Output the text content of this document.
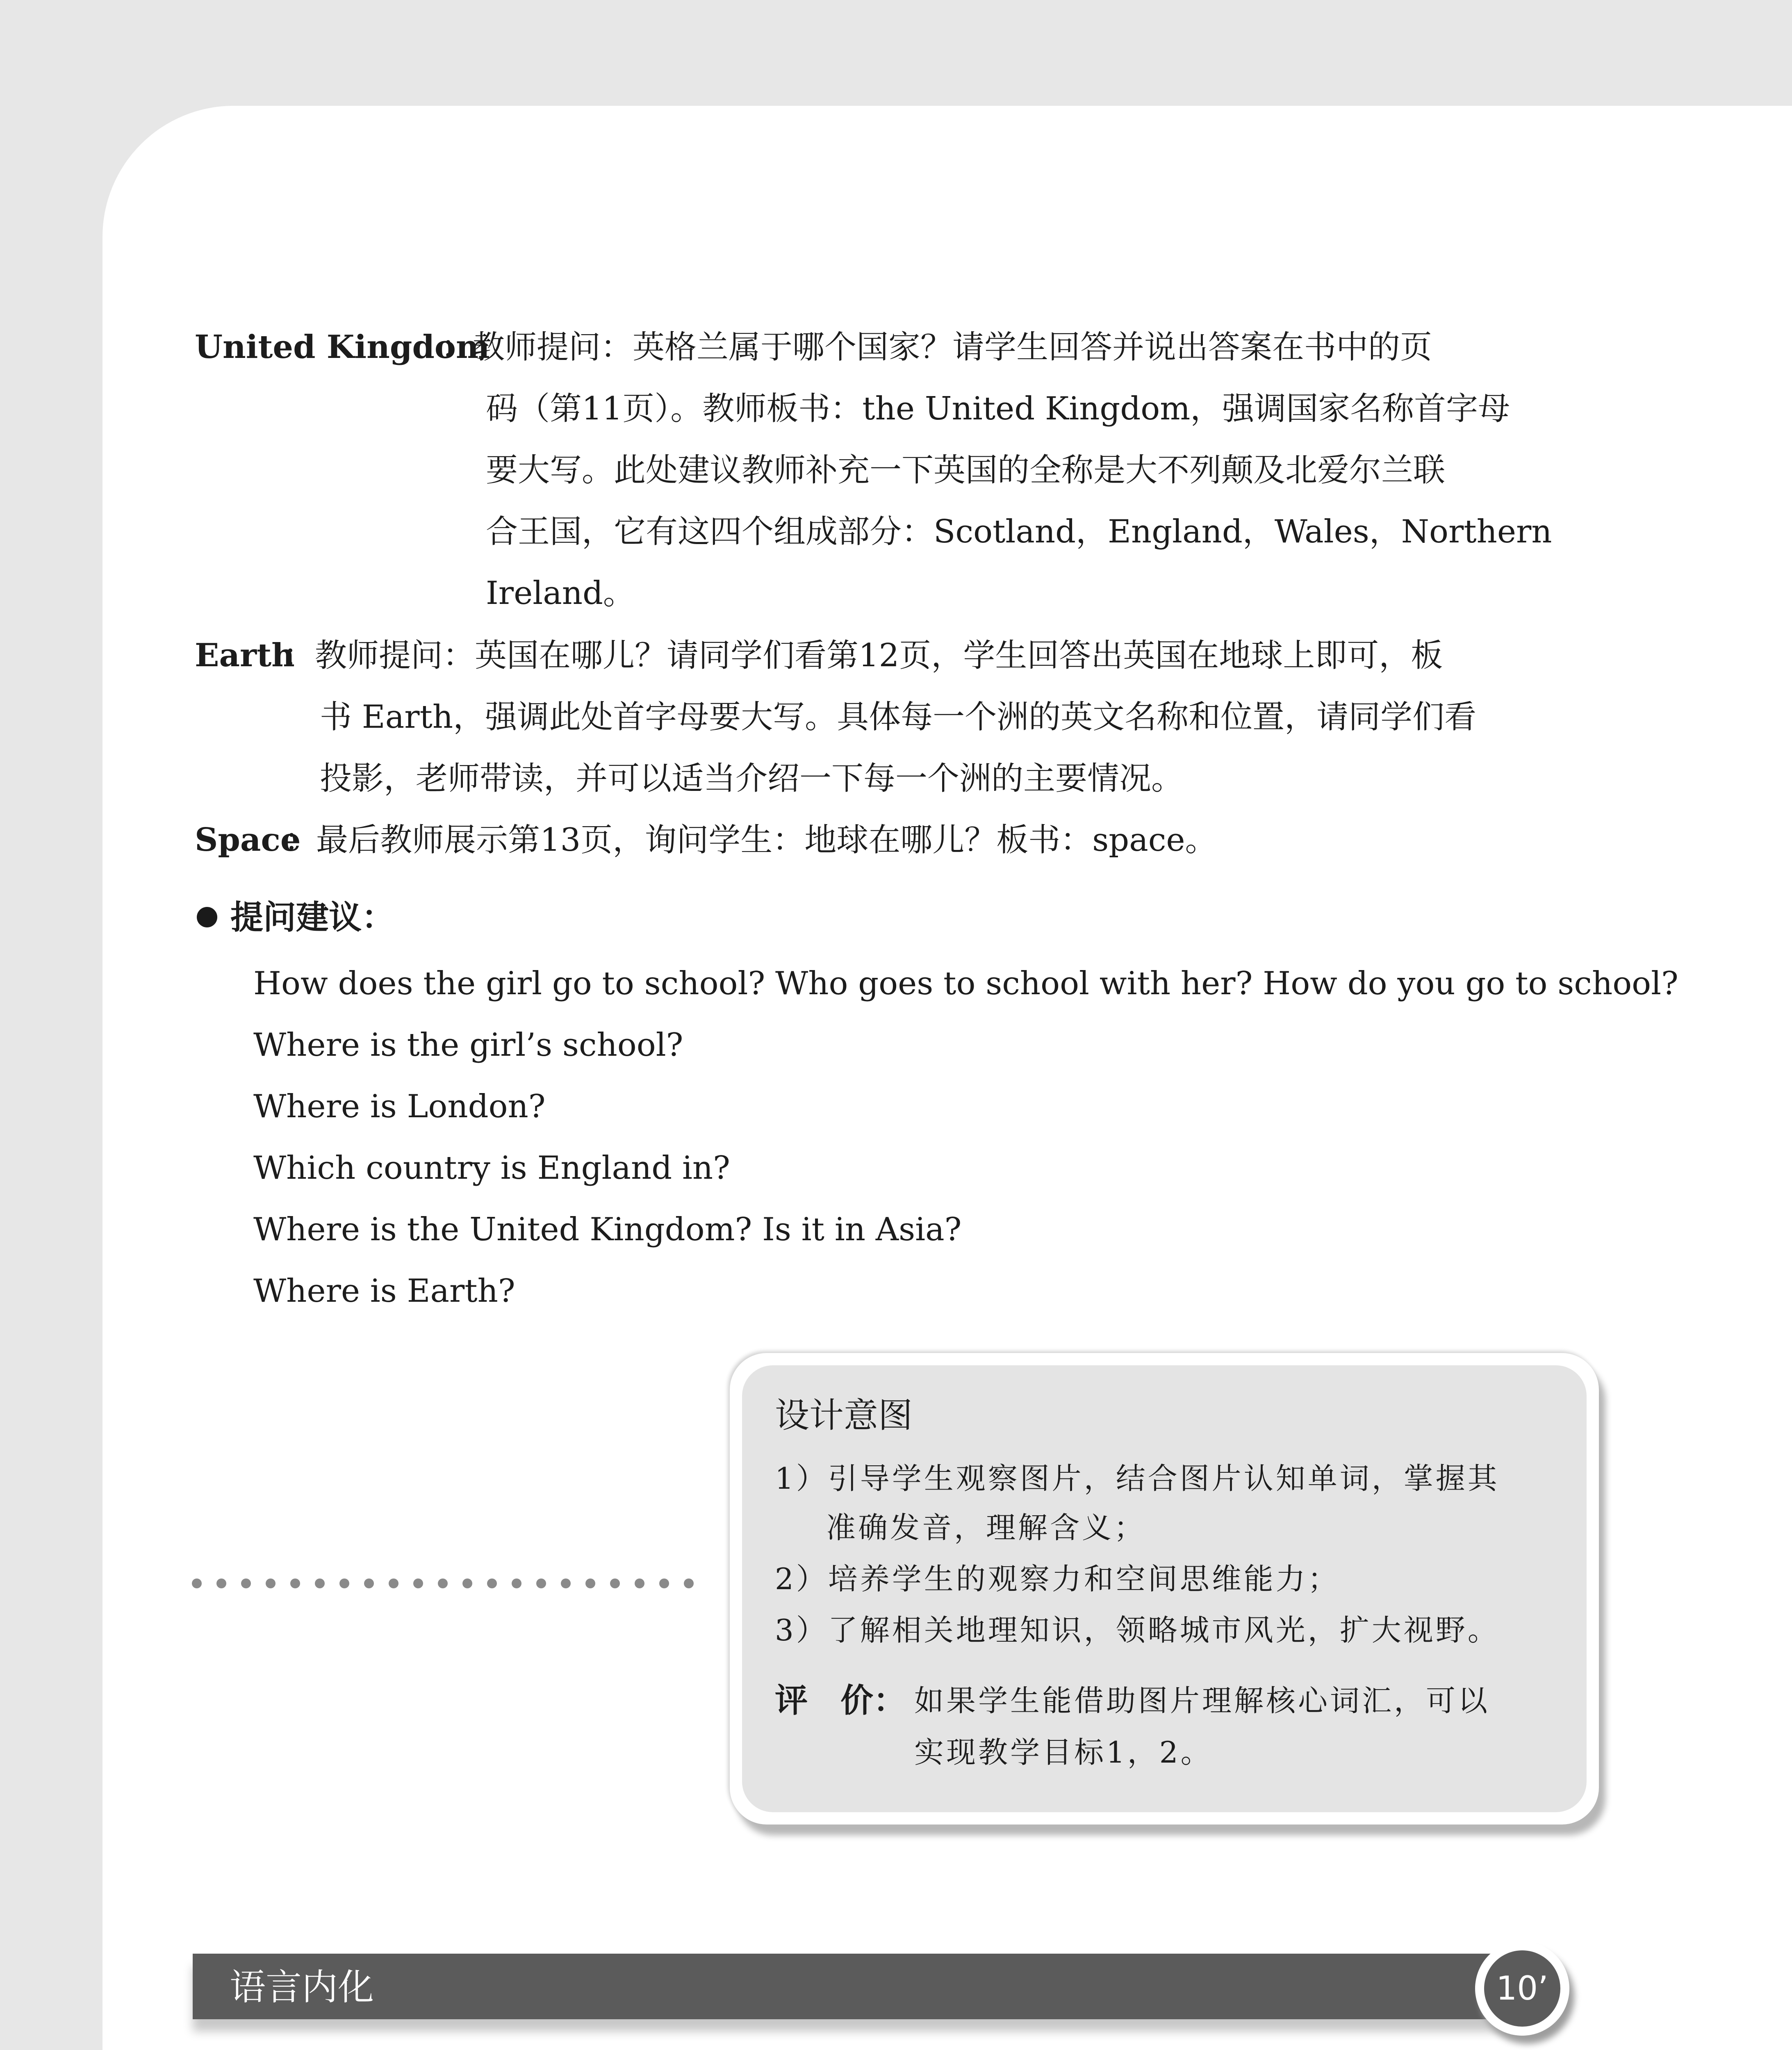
United Kingdom
：教师提问：英格兰属于哪个国家？请学生回答并说出答案在书中的页
码（第11页）。教师板书：the United Kingdom，强调国家名称首字母
要大写。此处建议教师补充一下英国的全称是大不列颠及北爱尔兰联
合王国，它有这四个组成部分：Scotland，England，Wales，Northern
Ireland。
Earth
：教师提问：英国在哪儿？请同学们看第12页，学生回答出英国在地球上即可，板
书 Earth，强调此处首字母要大写。具体每一个洲的英文名称和位置，请同学们看
投影，老师带读，并可以适当介绍一下每一个洲的主要情况。
Space
：最后教师展示第13页，询问学生：地球在哪儿？板书：space。
提问建议：
How does the girl go to school? Who goes to school with her? How do you go to school?
Where is the girl’s school?
Where is London?
Which country is England in?
Where is the United Kingdom? Is it in Asia?
Where is Earth?
设计意图
1）引导学生观察图片，结合图片认知单词，掌握其
准确发音，理解含义；
2）培养学生的观察力和空间思维能力；
3）了解相关地理知识，领略城市风光，扩大视野。
评　价： 如果学生能借助图片理解核心词汇，可以
实现教学目标1，2。
语言内化	10’
